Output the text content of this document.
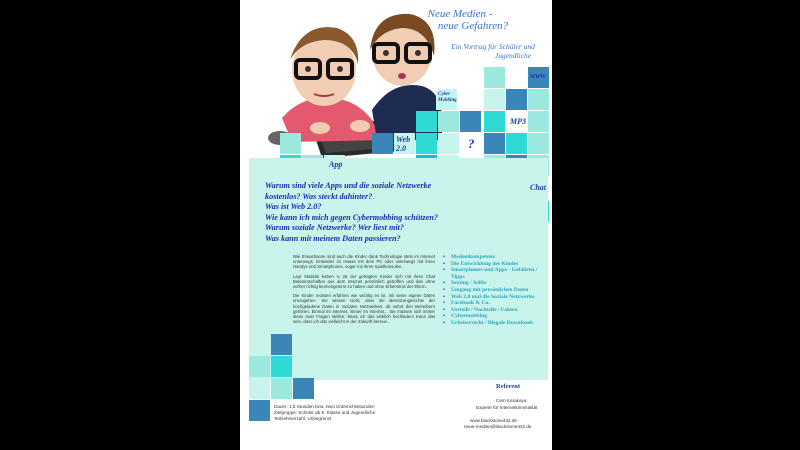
Neue Medien -
neue Gefahren?
Ein Vortrag für Schüler und
Jugendliche
www
Cyber
Mobbing
MP3
Web
2.0	?
App
Chat
Warum sind viele Apps und die soziale Netzwerke
kostenlos? Was steckt dahinter?
Was ist Web 2.0?
Wie kann ich mich gegen Cybermobbing schützen?
Warum soziale Netzwerke? Wer liest mit?
Was kann mit meinem Daten passieren?

Wie Erwachsene sind auch die Kinder dank Technologie stets im Internet unterwegs. Entweder zu Hause mit dem PC oder unterwegs mit ihren Handys und Smartphones, sogar mit ihren Spielkonsolen.

Laut Statistik haben ¾ 26 der gefragten Kinder sich mit ihren Chat Bekanntschaften aus dem Internet persönlich getroffen und das ohne vorher richtig kennengelernt zu haben und ohne Erkenntnis der Eltern.

Die Kinder müssen erfahren wie wichtig es ist, mit seine eigene Daten umzugehen. Sie wissen nicht, dass die Benutzungsrechte der hochgeladene Daten in sozialen Netzwerken, ab sofort den Betreibern gehören. Einmal im Internet, immer im Internet... Sie müssen sich immer diese zwei Fragen stellen: Muss ich das wirklich hochladen! Kann das sein, dass ich das vielleicht in der Zukunft bereue...

• Medienkompetenz
• Die Entwicklung des Kindes
• Smartphones und Apps - Gefahren / Tipps
• Sexting / Selfie
• Umgang mit persönlichen Daten
• Web 2.0 und die Soziale Netzwerke
• Facebook & Co.
• Vorteile / Nachteile / Fakten
• Cybermobbing
• Urheberrecht / Illegale Downloads
Referent
Cem Karakaya
Experte für Internetkriminalität
www.blackstone432.de
neue-medien@blackstone432.de
Dauer: 1,5 Stunden bzw. zwei Unterrichtsstunden
Zielgruppe: Schüler ab 5. Klasse und Jugendliche
Teilnehmerzahl: Unbegrenzt
